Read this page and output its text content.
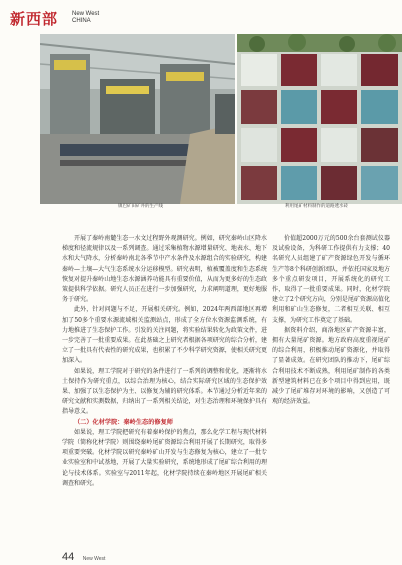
新西部 New West
CHINA
镇巴矿田矿井的生产线	利用尾矿材料制作的道路透水砖

开展了秦岭南麓生态一水文过程野外观测研究。例如，研究秦岭山区降水梯度和径流规律以及一系列调查。通过采集植物水源增量研究、地表水、地下水和大气降水，分析秦岭南北各季节中产水条件及水源组合的实验研究，构建秦岭—土壤—大气生态系统水分运移模型。研究表明，植被覆盖度和生态系统恢复对提升秦岭山地生态水源涵养功能具有重要价值，从而为更多好的生态政策提供科学依据。研究人员正在进行一步加强研究，力求阐明道理，更好地服务于研究。

此外，针对问题与不足，开展相关研究。例如，2024年两西部地区再增加了50多个重要水源流域相关监测站点，形成了全方位水资源监测系统，有力地推进了生态保护工作。引发的关注问题，将实验结果转化为政策文件，进一步完善了一批重要成果。在此基础之上研究者根据各项研究的综合分析，建立了一批具有代表性的研究成果，也积累了不少科学研究资源，使相关研究更加深入。

如果说，理工学院对于研究的条件进行了一系列的调整和优化，逐渐将水土保持作为研究重点，以综合治理为核心，结合实际研究区域的生态保护效果、加强了以生态保护为主、以修复为辅的研究体系。本节通过分析近年来的研究文献和实测数据，归纳出了一系列相关结论，对生态治理和环境保护具有指导意义。

（二）化材学院：秦岭生态的修复师

如果说，理工学院把研究有着秦岭保护的焦点，那么化学工程与现代材料学院（简称化材学院）则围绕秦岭尾矿资源综合利用开展了长期研究，取得多项重要突破。化材学院以研究秦岭矿山开发与生态修复为核心，建立了一批专业实验室和中试基地，开展了大量实验研究，系统地形成了尾矿综合利用的理论与技术体系。实验室与2011年起，化材学院持续在秦岭地区开展尾矿相关调查和研究。

价值超2000万元的500余台套测试仪器及试验设备，为科研工作提供有力支撑；40名研究人员组建了矿产资源绿色开发与循环生产等8个科研创新团队，并依托国家及地方多个重点研发项目，开展系统化的研究工作，取得了一批重要成果。同时，化材学院建立了2个研究方向，分别是尾矿资源高值化利用和矿山生态修复，二者相互关联、相互支撑，为研究工作奠定了基础。

据资料介绍，商洛地区矿产资源丰富，拥有大量尾矿资源。地方政府高度重视尾矿的综合利用，积极推动尾矿资源化，并取得了显著成效。在研究团队的推动下，尾矿综合利用技术不断成熟，利用尾矿制作的各类新型建筑材料已在多个项目中得到应用，既减少了尾矿堆存对环境的影响，又创造了可观的经济效益。

44 New West
